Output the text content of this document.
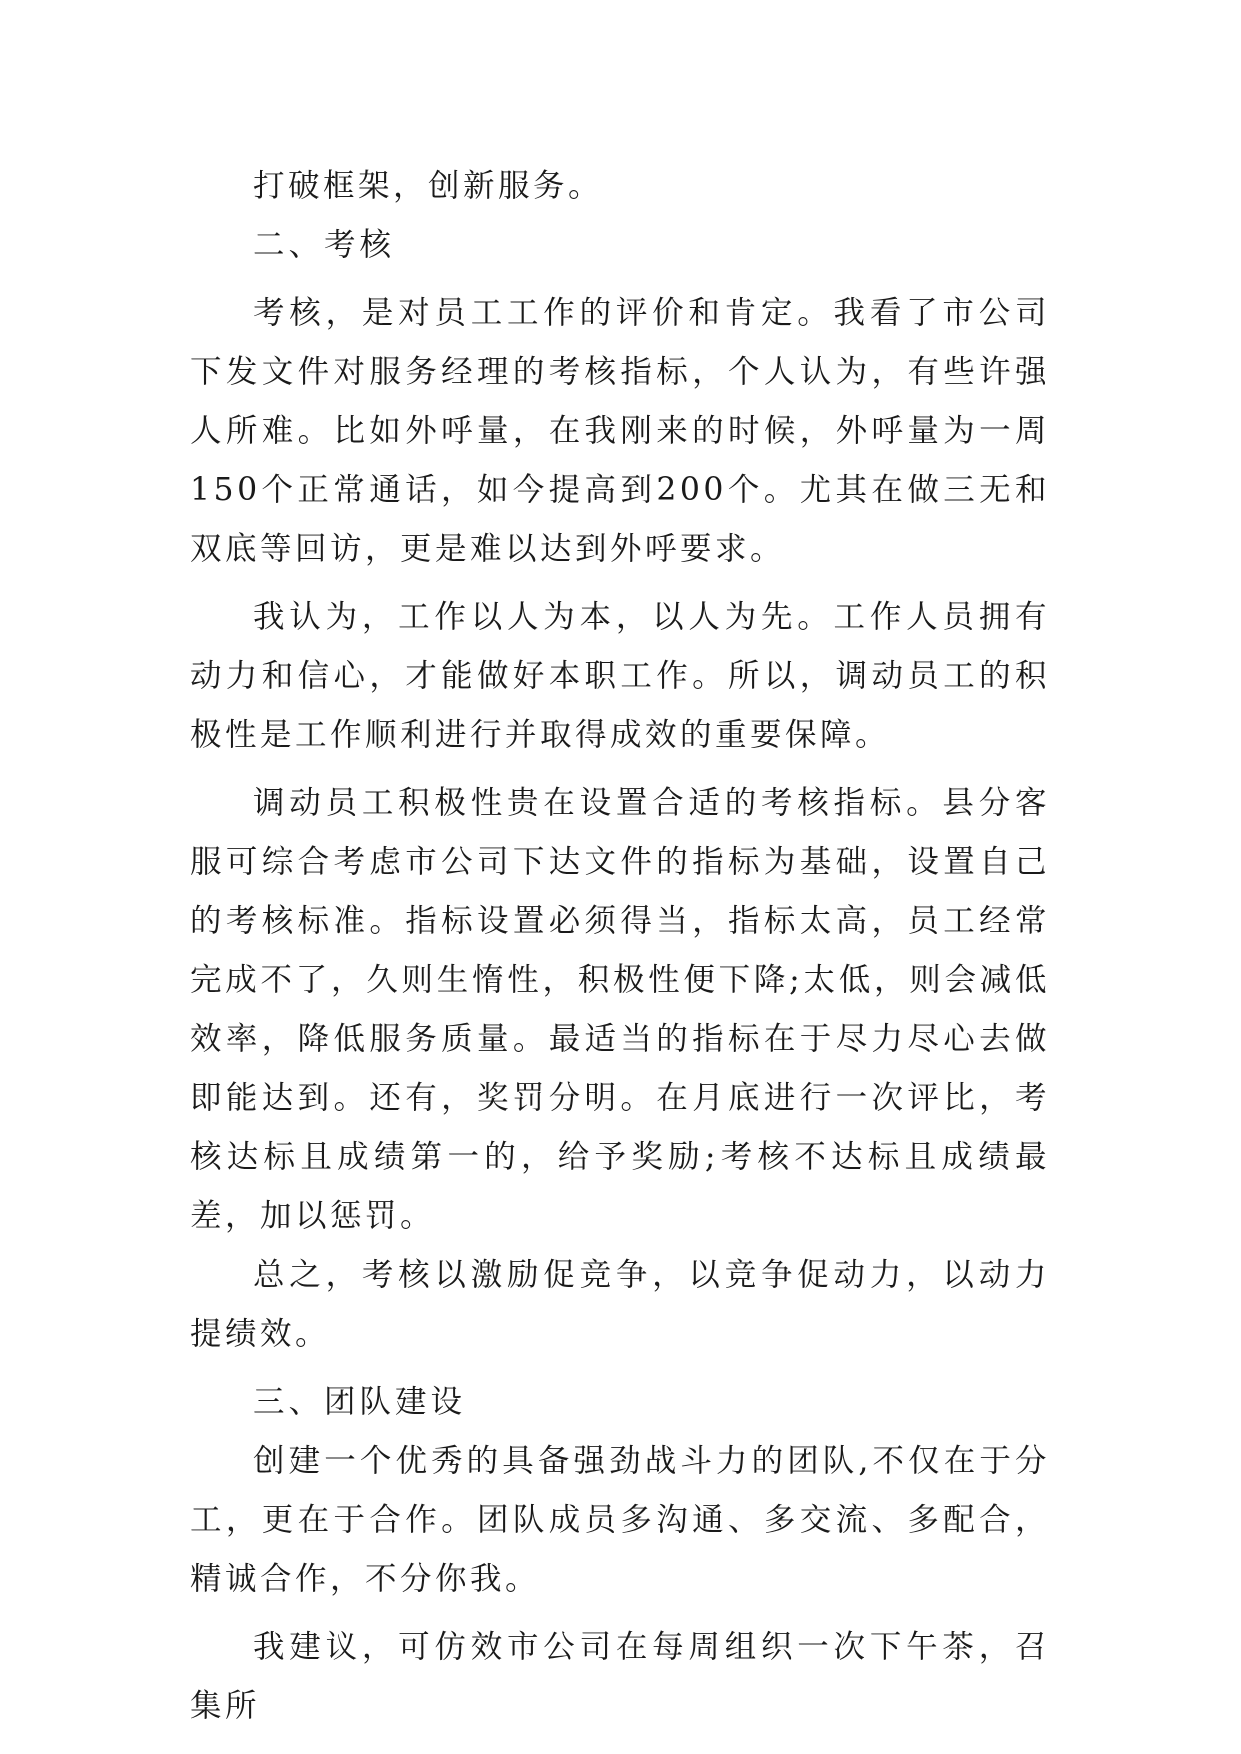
打破框架，创新服务。

二、考核

考核，是对员工工作的评价和肯定。我看了市公司下发文件对服务经理的考核指标，个人认为，有些许强人所难。比如外呼量，在我刚来的时候，外呼量为一周150个正常通话，如今提高到200个。尤其在做三无和双底等回访，更是难以达到外呼要求。

我认为，工作以人为本，以人为先。工作人员拥有动力和信心，才能做好本职工作。所以，调动员工的积极性是工作顺利进行并取得成效的重要保障。

调动员工积极性贵在设置合适的考核指标。县分客服可综合考虑市公司下达文件的指标为基础，设置自己的考核标准。指标设置必须得当，指标太高，员工经常完成不了，久则生惰性，积极性便下降;太低，则会减低效率，降低服务质量。最适当的指标在于尽力尽心去做即能达到。还有，奖罚分明。在月底进行一次评比，考核达标且成绩第一的，给予奖励;考核不达标且成绩最差，加以惩罚。

总之，考核以激励促竞争，以竞争促动力，以动力提绩效。

三、团队建设

创建一个优秀的具备强劲战斗力的团队,不仅在于分工，更在于合作。团队成员多沟通、多交流、多配合，精诚合作，不分你我。

我建议，可仿效市公司在每周组织一次下午茶，召集所
